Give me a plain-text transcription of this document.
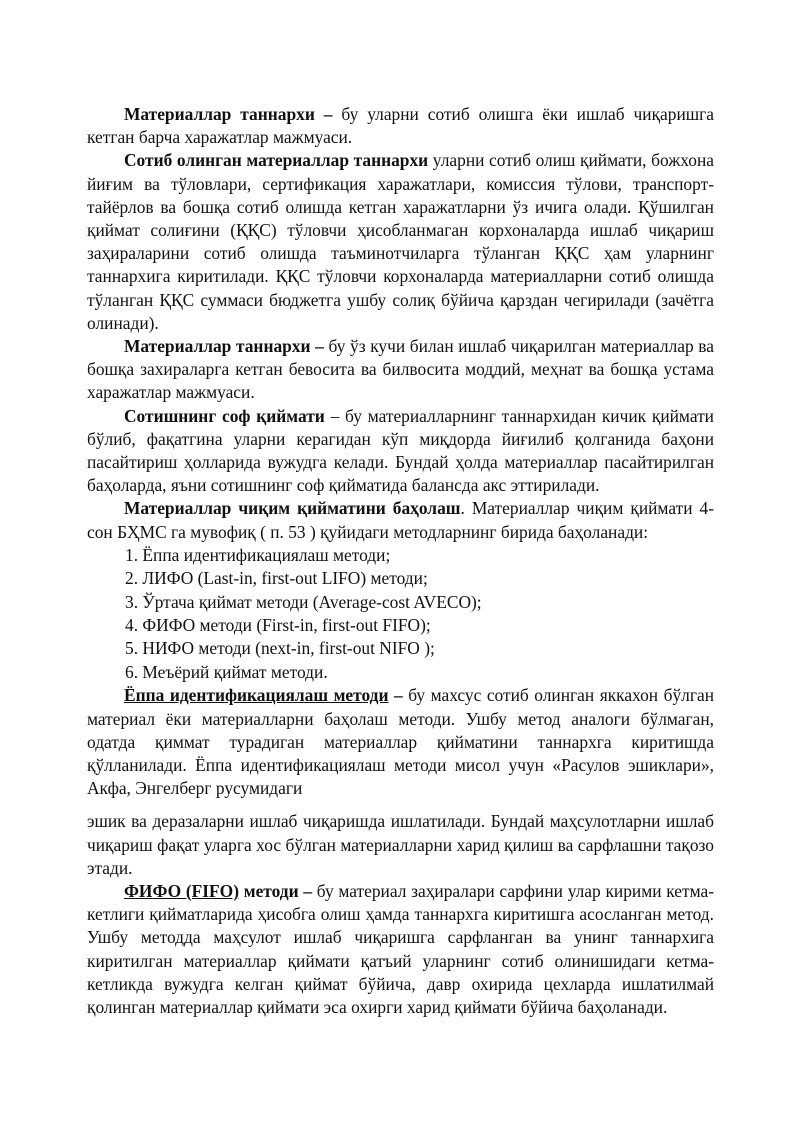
Материаллар таннархи – бу уларни сотиб олишга ёки ишлаб чиқаришга кетган барча харажатлар мажмуаси.

Сотиб олинган материаллар таннархи уларни сотиб олиш қиймати, божхона йиғим ва тўловлари, сертификация харажатлари, комиссия тўлови, транспорт-тайёрлов ва бошқа сотиб олишда кетган харажатларни ўз ичига олади. Қўшилган қиймат солиғини (ҚҚС) тўловчи ҳисобланмаган корхоналарда ишлаб чиқариш заҳираларини сотиб олишда таъминотчиларга тўланган ҚҚС ҳам уларнинг таннархига киритилади. ҚҚС тўловчи корхоналарда материалларни сотиб олишда тўланган ҚҚС суммаси бюджетга ушбу солиқ бўйича қарздан чегирилади (зачётга олинади).

Материаллар таннархи – бу ўз кучи билан ишлаб чиқарилган материаллар ва бошқа захираларга кетган бевосита ва билвосита моддий, меҳнат ва бошқа устама харажатлар мажмуаси.

Сотишнинг соф қиймати – бу материалларнинг таннархидан кичик қиймати бўлиб, фақатгина уларни керагидан кўп миқдорда йиғилиб қолганида баҳони пасайтириш ҳолларида вужудга келади. Бундай ҳолда материаллар пасайтирилган баҳоларда, яъни сотишнинг соф қийматида балансда акс эттирилади.

Материаллар чиқим қийматини баҳолаш. Материаллар чиқим қиймати 4- сон БҲМС га мувофиқ ( п. 53 ) қуйидаги методларнинг бирида баҳоланади:

1. Ёппа идентификациялаш методи;
2. ЛИФО (Last-in, first-out LIFO) методи;
3. Ўртача қиймат методи (Average-cost AVECO);
4. ФИФО методи (First-in, first-out FIFO);
5. НИФО методи (next-in, first-out NIFO );
6. Меъёрий қиймат методи.

Ёппа идентификациялаш методи – бу махсус сотиб олинган яккахон бўлган материал ёки материалларни баҳолаш методи. Ушбу метод аналоги бўлмаган, одатда қиммат турадиган материаллар қийматини таннархга киритишда қўлланилади. Ёппа идентификациялаш методи мисол учун «Расулов эшиклари», Акфа, Энгелберг русумидаги

эшик ва деразаларни ишлаб чиқаришда ишлатилади. Бундай маҳсулотларни ишлаб чиқариш фақат уларга хос бўлган материалларни харид қилиш ва сарфлашни тақозо этади.

ФИФО (FIFO) методи – бу материал заҳиралари сарфини улар кирими кетма-кетлиги қийматларида ҳисобга олиш ҳамда таннархга киритишга асосланган метод. Ушбу методда маҳсулот ишлаб чиқаришга сарфланган ва унинг таннархига киритилган материаллар қиймати қатъий уларнинг сотиб олинишидаги кетма-кетликда вужудга келган қиймат бўйича, давр охирида цехларда ишлатилмай қолинган материаллар қиймати эса охирги харид қиймати бўйича баҳоланади.
